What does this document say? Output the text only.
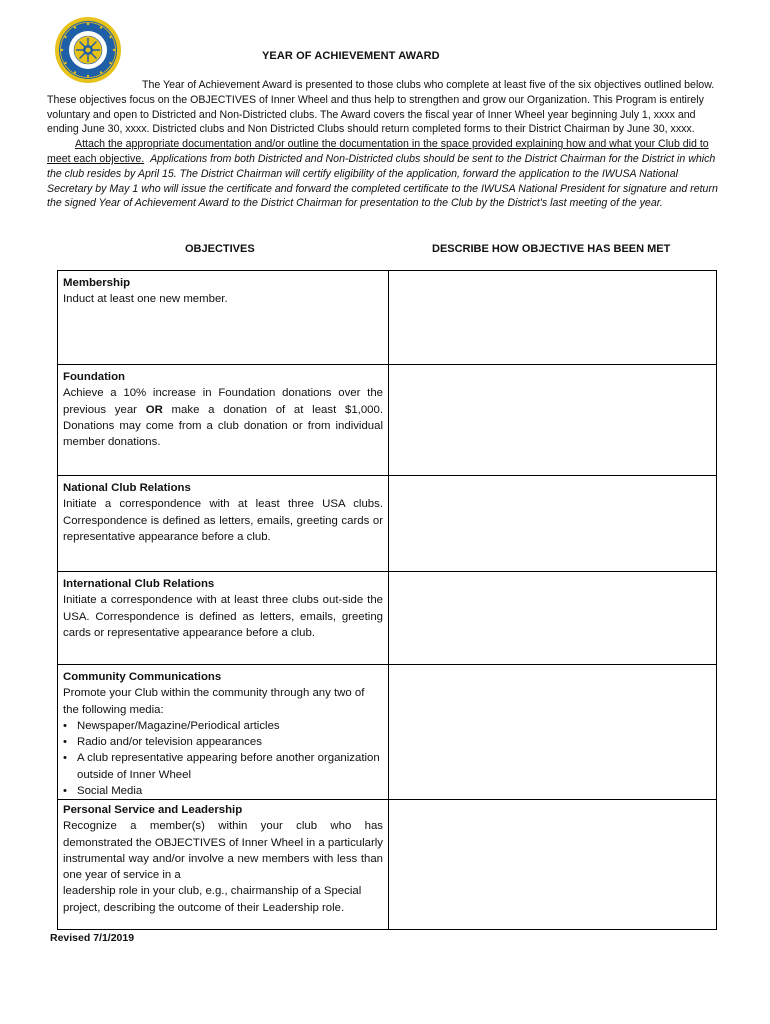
YEAR OF ACHIEVEMENT AWARD

The Year of Achievement Award is presented to those clubs who complete at least five of the six objectives outlined below. These objectives focus on the OBJECTIVES of Inner Wheel and thus help to strengthen and grow our Organization. This Program is entirely voluntary and open to Districted and Non-Districted clubs. The Award covers the fiscal year of Inner Wheel year beginning July 1, xxxx and ending June 30, xxxx. Districted clubs and Non Districted Clubs should return completed forms to their District Chairman by June 30, xxxx.

Attach the appropriate documentation and/or outline the documentation in the space provided explaining how and what your Club did to meet each objective. Applications from both Districted and Non-Districted clubs should be sent to the District Chairman for the District in which the club resides by April 15. The District Chairman will certify eligibility of the application, forward the application to the IWUSA National Secretary by May 1 who will issue the certificate and forward the completed certificate to the IWUSA National President for signature and return the signed Year of Achievement Award to the District Chairman for presentation to the Club by the District's last meeting of the year.

OBJECTIVES	DESCRIBE HOW OBJECTIVE HAS BEEN MET
Membership
Induct at least one new member.
Foundation
Achieve a 10% increase in Foundation donations over the previous year OR make a donation of at least $1,000. Donations may come from a club donation or from individual member donations.
National Club Relations
Initiate a correspondence with at least three USA clubs. Correspondence is defined as letters, emails, greeting cards or representative appearance before a club.
International Club Relations
Initiate a correspondence with at least three clubs out-side the USA. Correspondence is defined as letters, emails, greeting cards or representative appearance before a club.
Community Communications
Promote your Club within the community through any two of the following media:
• Newspaper/Magazine/Periodical articles
• Radio and/or television appearances
• A club representative appearing before another organization outside of Inner Wheel
• Social Media
Personal Service and Leadership
Recognize a member(s) within your club who has demonstrated the OBJECTIVES of Inner Wheel in a particularly instrumental way and/or involve a new members with less than one year of service in a
leadership role in your club, e.g., chairmanship of a Special project, describing the outcome of their Leadership role.
Revised 7/1/2019
